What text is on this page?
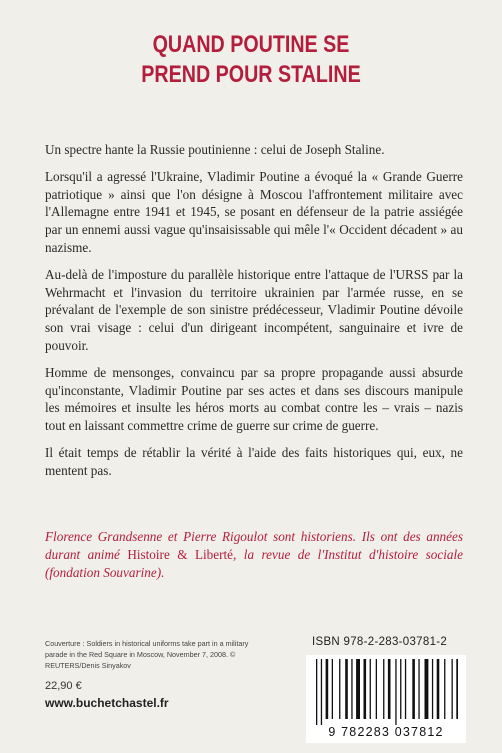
QUAND POUTINE SE
PREND POUR STALINE

Un spectre hante la Russie poutinienne : celui de Joseph Staline.

Lorsqu'il a agressé l'Ukraine, Vladimir Poutine a évoqué la « Grande Guerre patriotique » ainsi que l'on désigne à Moscou l'affrontement militaire avec l'Allemagne entre 1941 et 1945, se posant en défenseur de la patrie assiégée par un ennemi aussi vague qu'insaisissable qui mêle l'« Occident décadent » au nazisme.

Au-delà de l'imposture du parallèle historique entre l'attaque de l'URSS par la Wehrmacht et l'invasion du territoire ukrainien par l'armée russe, en se prévalant de l'exemple de son sinistre prédécesseur, Vladimir Poutine dévoile son vrai visage : celui d'un dirigeant incompétent, sanguinaire et ivre de pouvoir.

Homme de mensonges, convaincu par sa propre propagande aussi absurde qu'inconstante, Vladimir Poutine par ses actes et dans ses discours manipule les mémoires et insulte les héros morts au combat contre les – vrais – nazis tout en laissant commettre crime de guerre sur crime de guerre.

Il était temps de rétablir la vérité à l'aide des faits historiques qui, eux, ne mentent pas.

Florence Grandsenne et Pierre Rigoulot sont historiens. Ils ont des années durant animé Histoire & Liberté, la revue de l'Institut d'histoire sociale (fondation Souvarine).
Couverture : Soldiers in historical uniforms take part in a military parade in the Red Square in Moscow, November 7, 2008. © REUTERS/Denis Sinyakov
22,90 €
www.buchetchastel.fr
ISBN 978-2-283-03781-2
9 782283 037812
